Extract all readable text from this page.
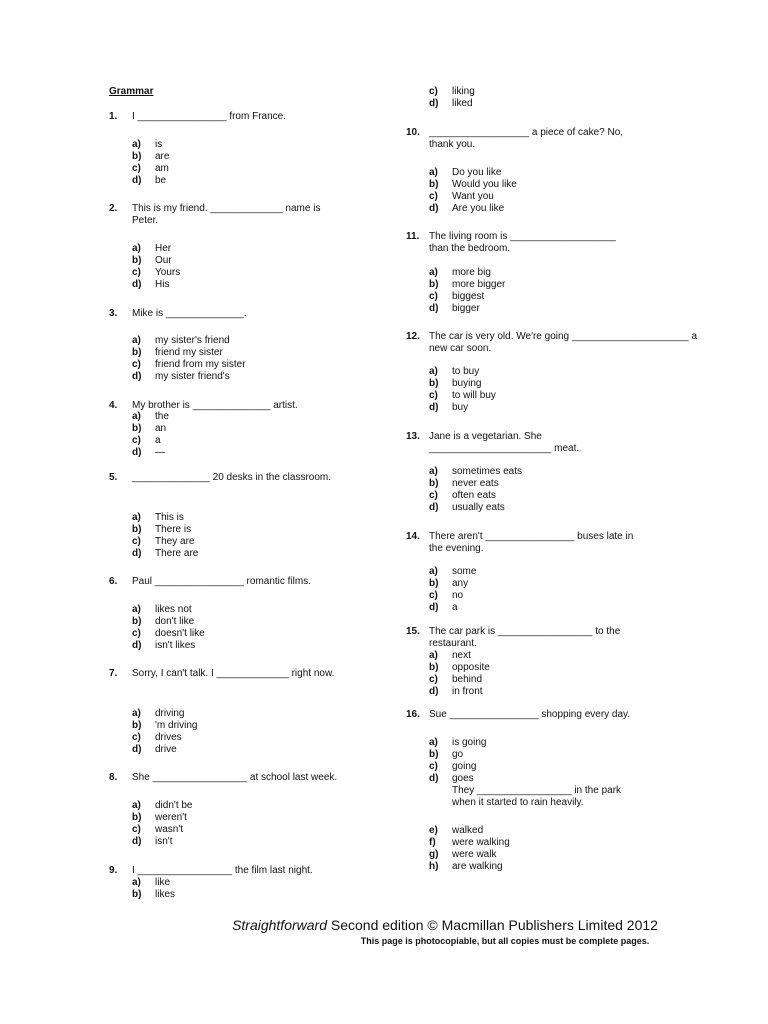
Grammar
1. I ________________ from France.
a) is
b) are
c) am
d) be
2. This is my friend. _____________ name is
Peter.
a) Her
b) Our
c) Yours
d) His
3. Mike is ______________.
a) my sister's friend
b) friend my sister
c) friend from my sister
d) my sister friend's
4. My brother is ______________ artist.
a) the
b) an
c) a
d) —
5. ______________ 20 desks in the classroom.
a) This is
b) There is
c) They are
d) There are
6. Paul ________________ romantic films.
a) likes not
b) don't like
c) doesn't like
d) isn't likes
7. Sorry, I can't talk. I _____________ right now.
a) driving
b) 'm driving
c) drives
d) drive
8. She _________________ at school last week.
a) didn't be
b) weren't
c) wasn't
d) isn't
9. I _________________ the film last night.
a) like
b) likes
c) liking
d) liked
10. __________________ a piece of cake? No,
thank you.
a) Do you like
b) Would you like
c) Want you
d) Are you like
11. The living room is ___________________
than the bedroom.
a) more big
b) more bigger
c) biggest
d) bigger
12. The car is very old. We're going _____________________ a
new car soon.
a) to buy
b) buying
c) to will buy
d) buy
13. Jane is a vegetarian. She
______________________ meat.
a) sometimes eats
b) never eats
c) often eats
d) usually eats
14. There aren't ________________ buses late in
the evening.
a) some
b) any
c) no
d) a
15. The car park is _________________ to the
restaurant.
a) next
b) opposite
c) behind
d) in front
16. Sue ________________ shopping every day.
a) is going
b) go
c) going
d) goes
They _________________ in the park
when it started to rain heavily.
e) walked
f) were walking
g) were walk
h) are walking
Straightforward Second edition © Macmillan Publishers Limited 2012
This page is photocopiable, but all copies must be complete pages.
